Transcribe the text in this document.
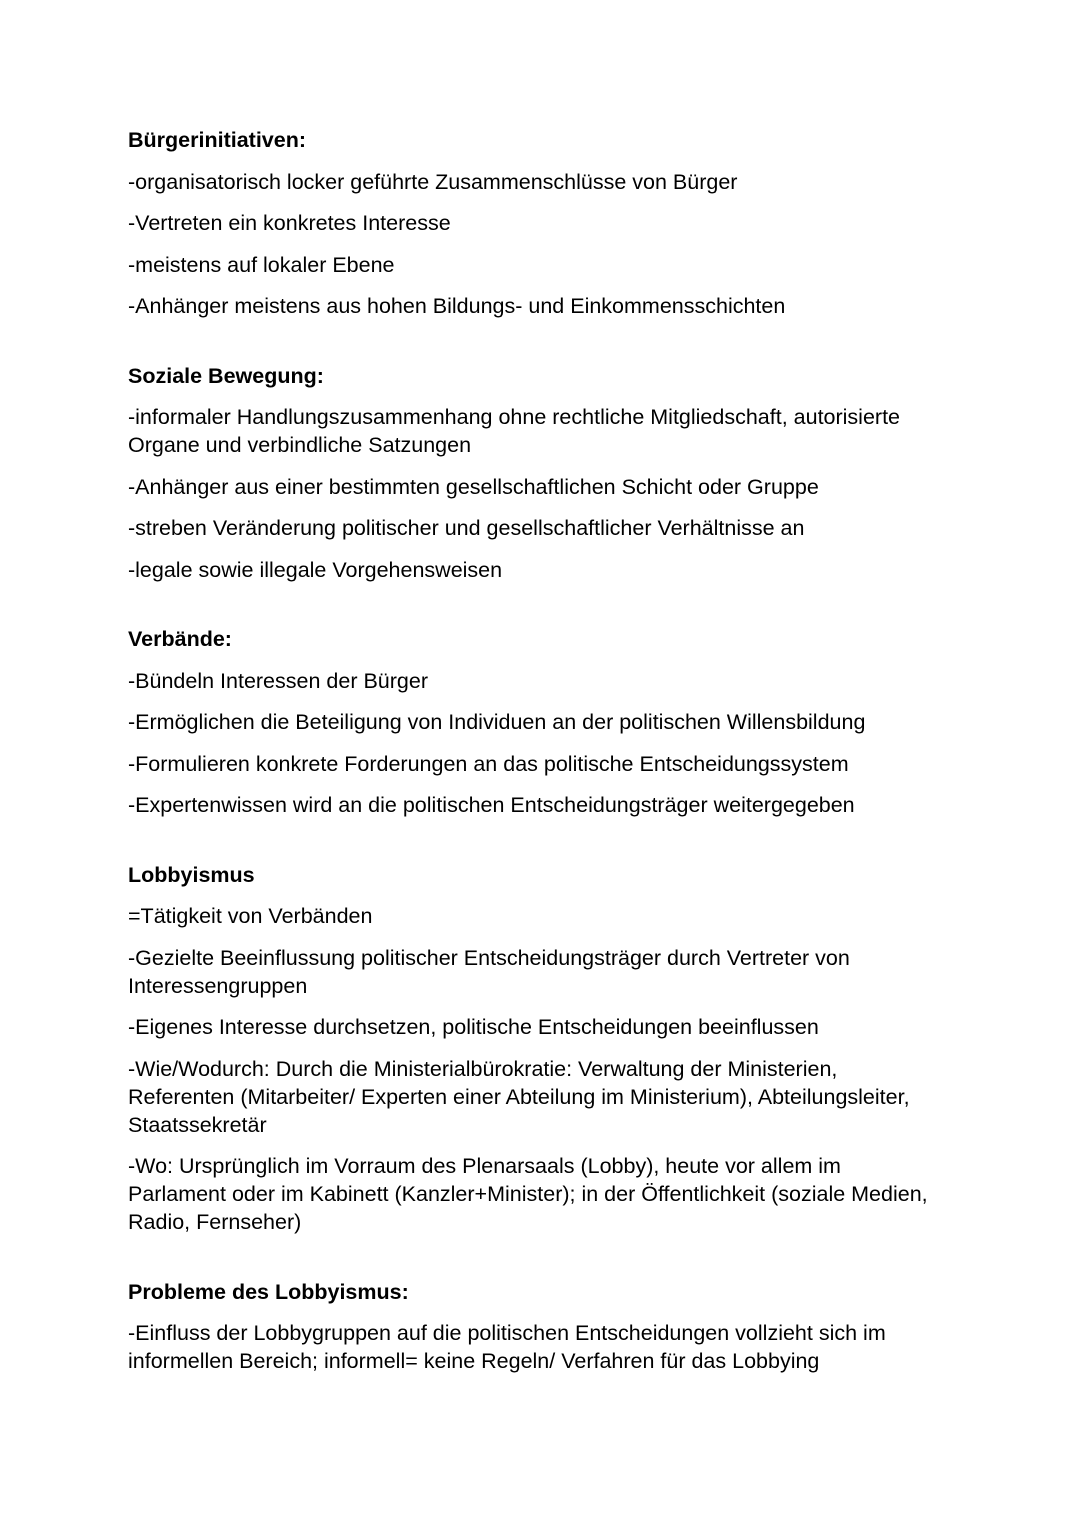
Bürgerinitiativen:
-organisatorisch locker geführte Zusammenschlüsse von Bürger
-Vertreten ein konkretes Interesse
-meistens auf lokaler Ebene
-Anhänger meistens aus hohen Bildungs- und Einkommensschichten
Soziale Bewegung:
-informaler Handlungszusammenhang ohne rechtliche Mitgliedschaft, autorisierte
Organe und verbindliche Satzungen
-Anhänger aus einer bestimmten gesellschaftlichen Schicht oder Gruppe
-streben Veränderung politischer und gesellschaftlicher Verhältnisse an
-legale sowie illegale Vorgehensweisen
Verbände:
-Bündeln Interessen der Bürger
-Ermöglichen die Beteiligung von Individuen an der politischen Willensbildung
-Formulieren konkrete Forderungen an das politische Entscheidungssystem
-Expertenwissen wird an die politischen Entscheidungsträger weitergegeben
Lobbyismus
=Tätigkeit von Verbänden
-Gezielte Beeinflussung politischer Entscheidungsträger durch Vertreter von
Interessengruppen
-Eigenes Interesse durchsetzen, politische Entscheidungen beeinflussen
-Wie/Wodurch: Durch die Ministerialbürokratie: Verwaltung der Ministerien,
Referenten (Mitarbeiter/ Experten einer Abteilung im Ministerium), Abteilungsleiter,
Staatssekretär
-Wo: Ursprünglich im Vorraum des Plenarsaals (Lobby), heute vor allem im
Parlament oder im Kabinett (Kanzler+Minister); in der Öffentlichkeit (soziale Medien,
Radio, Fernseher)
Probleme des Lobbyismus:
-Einfluss der Lobbygruppen auf die politischen Entscheidungen vollzieht sich im
informellen Bereich; informell= keine Regeln/ Verfahren für das Lobbying
